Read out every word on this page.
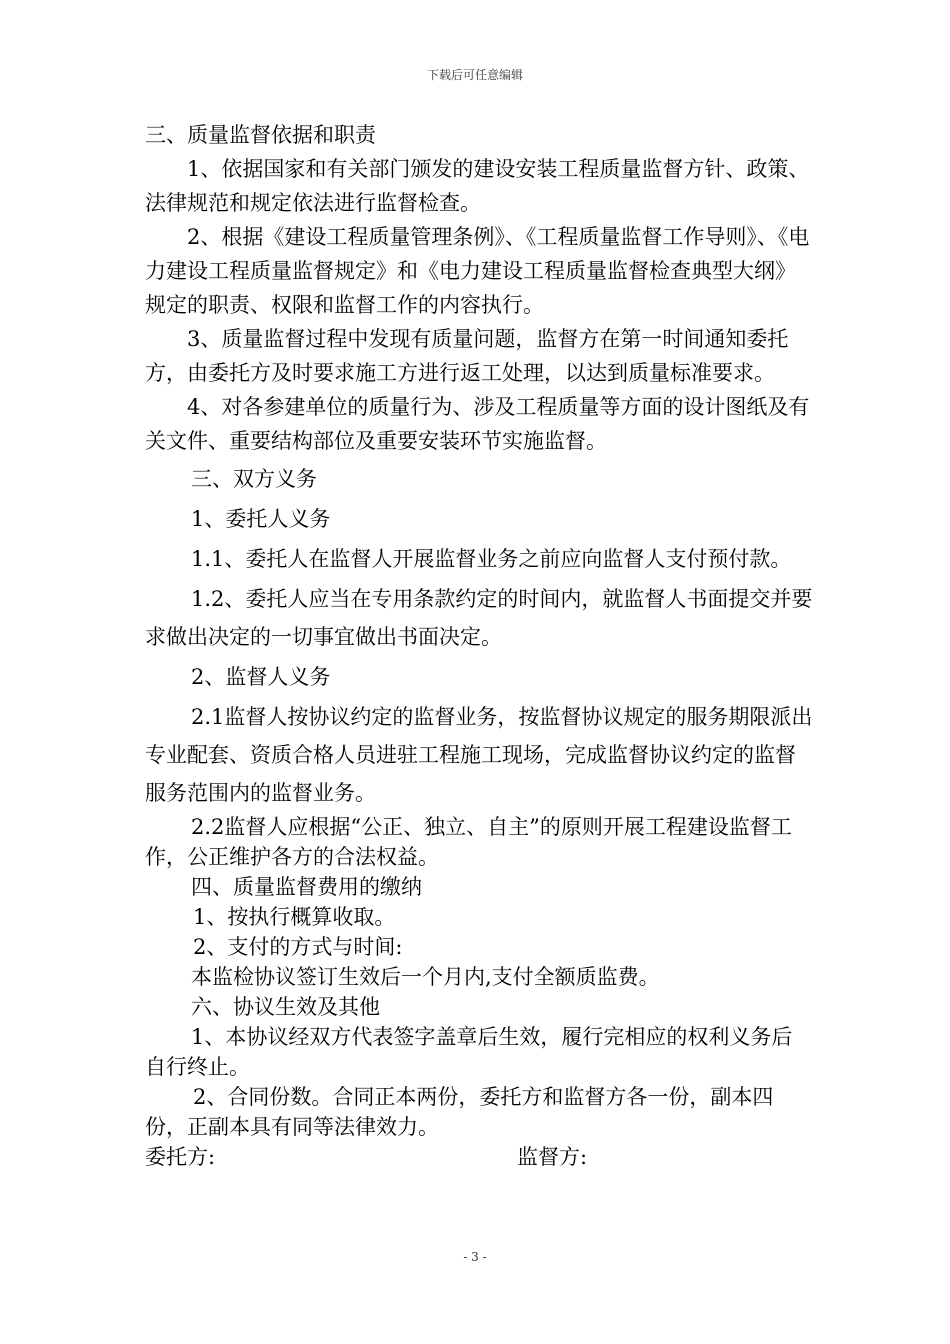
下载后可任意编辑

三、质量监督依据和职责

1、依据国家和有关部门颁发的建设安装工程质量监督方针、政策、法律规范和规定依法进行监督检查。

2、根据《建设工程质量管理条例》、《工程质量监督工作导则》、《电力建设工程质量监督规定》和《电力建设工程质量监督检查典型大纲》规定的职责、权限和监督工作的内容执行。

3、质量监督过程中发现有质量问题，监督方在第一时间通知委托方，由委托方及时要求施工方进行返工处理，以达到质量标准要求。

4、对各参建单位的质量行为、涉及工程质量等方面的设计图纸及有关文件、重要结构部位及重要安装环节实施监督。

三、双方义务

1、委托人义务

1.1、委托人在监督人开展监督业务之前应向监督人支付预付款。

1.2、委托人应当在专用条款约定的时间内，就监督人书面提交并要求做出决定的一切事宜做出书面决定。

2、监督人义务

2.1监督人按协议约定的监督业务，按监督协议规定的服务期限派出专业配套、资质合格人员进驻工程施工现场，完成监督协议约定的监督服务范围内的监督业务。

2.2监督人应根据“公正、独立、自主”的原则开展工程建设监督工作，公正维护各方的合法权益。

四、质量监督费用的缴纳

1、按执行概算收取。

2、支付的方式与时间:

本监检协议签订生效后一个月内,支付全额质监费。

六、协议生效及其他

1、本协议经双方代表签字盖章后生效，履行完相应的权利义务后自行终止。

2、合同份数。合同正本两份，委托方和监督方各一份，副本四份，正副本具有同等法律效力。

委托方:	监督方:
- 3 -
